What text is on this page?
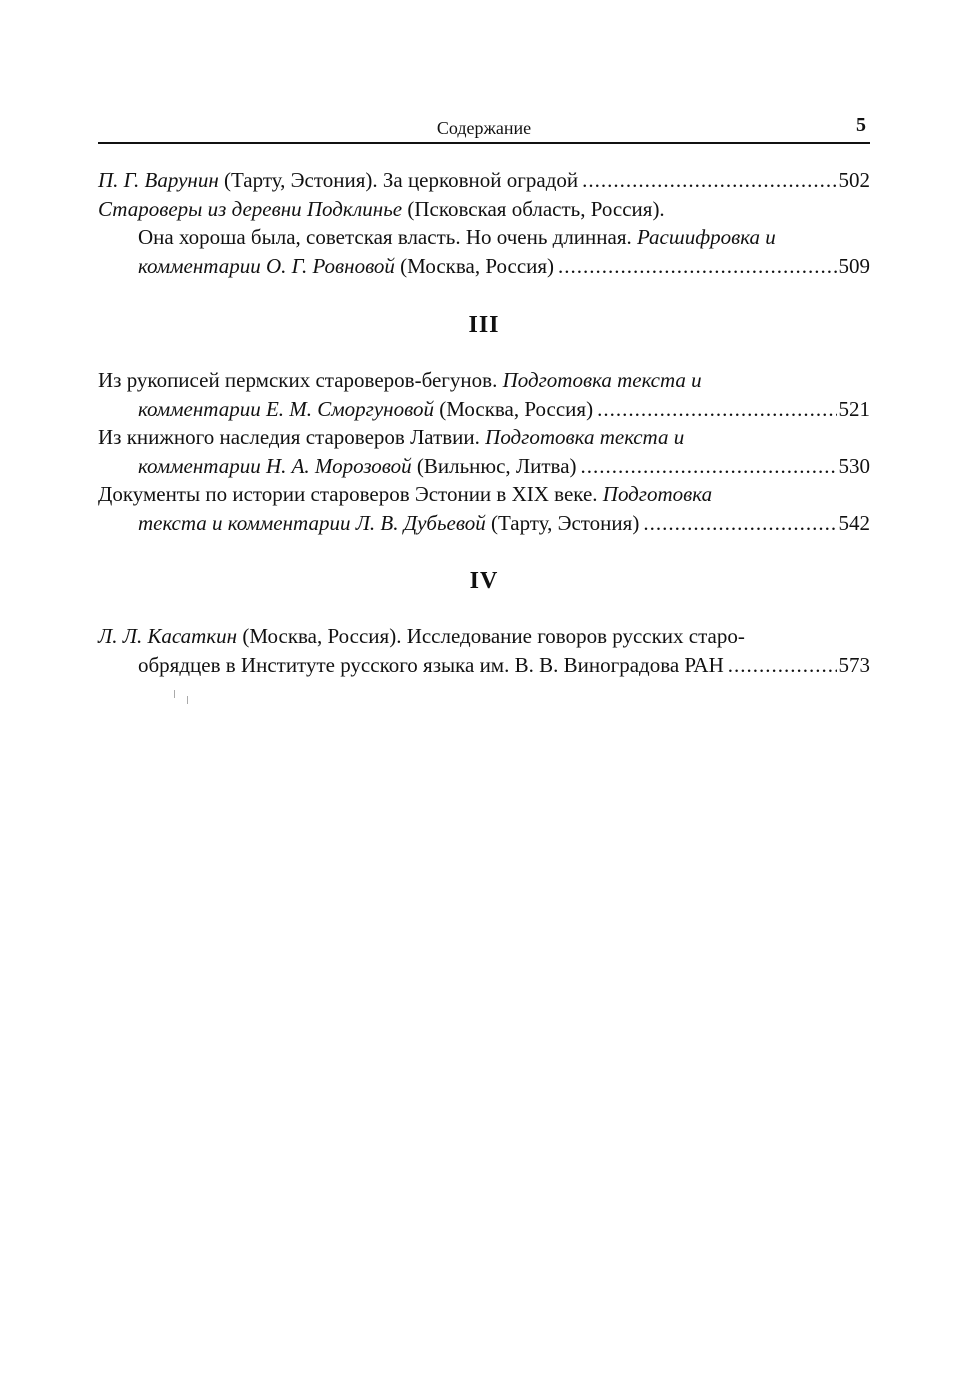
Содержание	5
П. Г. Варунин (Тарту, Эстония). За церковной оградой .....	502
Староверы из деревни Подклинье (Псковская область, Россия).
Она хороша была, советская власть. Но очень длинная. Расшифровка и
комментарии О. Г. Ровновой (Москва, Россия) .....	509
III
Из рукописей пермских староверов-бегунов. Подготовка текста и
комментарии Е. М. Сморгуновой (Москва, Россия) .....	521
Из книжного наследия староверов Латвии. Подготовка текста и
комментарии Н. А. Морозовой (Вильнюс, Литва) .....	530
Документы по истории староверов Эстонии в XIX веке. Подготовка
текста и комментарии Л. В. Дубьевой (Тарту, Эстония) .....	542
IV
Л. Л. Касаткин (Москва, Россия). Исследование говоров русских старо-
обрядцев в Институте русского языка им. В. В. Виноградова РАН .....	573
